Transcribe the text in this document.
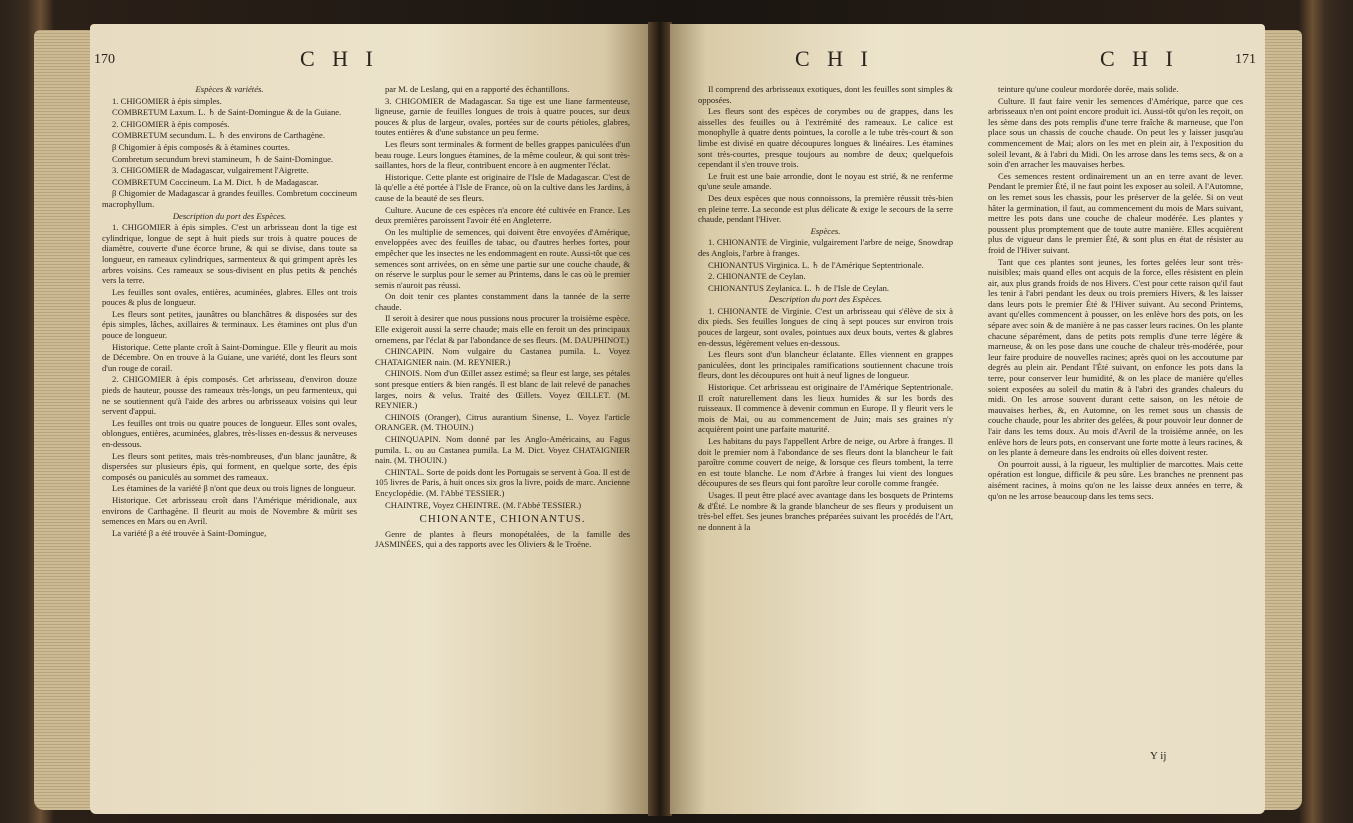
170	C H I

Espèces & variétés.

1. CHIGOMIER à épis simples.

COMBRETUM Laxum. L. ♄ de Saint-Domingue & de la Guiane.

2. CHIGOMIER à épis composés.

COMBRETUM secundum. L. ♄ des environs de Carthagène.

β Chigomier à épis composés & à étamines courtes.

Combretum secundum brevi stamineum, ♄ de Saint-Domingue.

3. CHIGOMIER de Madagascar, vulgairement l'Aigrette.

COMBRETUM Coccineum. La M. Dict. ♄ de Madagascar.

β Chigomier de Madagascar à grandes feuilles. Combretum coccineum macrophyllum.

Description du port des Espèces.

1. CHIGOMIER à épis simples. C'est un arbrisseau dont la tige est cylindrique, longue de sept à huit pieds sur trois à quatre pouces de diamètre, couverte d'une écorce brune, & qui se divise, dans toute sa longueur, en rameaux cylindriques, sarmenteux & qui grimpent après les arbres voisins. Ces rameaux se sous-divisent en plus petits & penchés vers la terre.

Les feuilles sont ovales, entières, acuminées, glabres. Elles ont trois pouces & plus de longueur.

Les fleurs sont petites, jaunâtres ou blanchâtres & disposées sur des épis simples, lâches, axillaires & terminaux. Les étamines ont plus d'un pouce de longueur.

Historique. Cette plante croît à Saint-Domingue. Elle y fleurit au mois de Décembre. On en trouve à la Guiane, une variété, dont les fleurs sont d'un rouge de corail.

2. CHIGOMIER à épis composés. Cet arbrisseau, d'environ douze pieds de hauteur, pousse des rameaux très-longs, un peu farmenteux, qui ne se soutiennent qu'à l'aide des arbres ou arbrisseaux voisins qui leur servent d'appui.

Les feuilles ont trois ou quatre pouces de longueur. Elles sont ovales, oblongues, entières, acuminées, glabres, très-lisses en-dessus & nerveuses en-dessous.

Les fleurs sont petites, mais très-nombreuses, d'un blanc jaunâtre, & dispersées sur plusieurs épis, qui forment, en quelque sorte, des épis composés ou paniculés au sommet des rameaux.

Les étamines de la variété β n'ont que deux ou trois lignes de longueur.

Historique. Cet arbrisseau croît dans l'Amérique méridionale, aux environs de Carthagène. Il fleurit au mois de Novembre & mûrit ses semences en Mars ou en Avril.

La variété β a été trouvée à Saint-Domingue,

par M. de Leslang, qui en a rapporté des échantillons.

3. CHIGOMIER de Madagascar. Sa tige est une liane farmenteuse, ligneuse, garnie de feuilles longues de trois à quatre pouces, sur deux pouces & plus de largeur, ovales, portées sur de courts pétioles, glabres, toutes entières & d'une substance un peu ferme.

Les fleurs sont terminales & forment de belles grappes paniculées d'un beau rouge. Leurs longues étamines, de la même couleur, & qui sont très-saillantes, hors de la fleur, contribuent encore à en augmenter l'éclat.

Historique. Cette plante est originaire de l'Isle de Madagascar. C'est de là qu'elle a été portée à l'Isle de France, où on la cultive dans les Jardins, à cause de la beauté de ses fleurs.

Culture. Aucune de ces espèces n'a encore été cultivée en France. Les deux premières paroissent l'avoir été en Angleterre.

On les multiplie de semences, qui doivent être envoyées d'Amérique, enveloppées avec des feuilles de tabac, ou d'autres herbes fortes, pour empêcher que les insectes ne les endommagent en route. Aussi-tôt que ces semences sont arrivées, on en sème une partie sur une couche chaude, & on réserve le surplus pour le semer au Printems, dans le cas où le premier semis n'auroit pas réussi.

On doit tenir ces plantes constamment dans la tannée de la serre chaude.

Il seroit à desirer que nous pussions nous procurer la troisième espèce. Elle exigeroit aussi la serre chaude; mais elle en feroit un des principaux ornemens, par l'éclat & par l'abondance de ses fleurs. (M. DAUPHINOT.)

CHINCAPIN. Nom vulgaire du Castanea pumila. L. Voyez CHATAIGNIER nain. (M. REYNIER.)

CHINOIS. Nom d'un Œillet assez estimé; sa fleur est large, ses pétales sont presque entiers & bien rangés. Il est blanc de lait relevé de panaches larges, noirs & velus. Traité des Œillets. Voyez ŒILLET. (M. REYNIER.)

CHINOIS (Oranger), Citrus aurantium Sinense, L. Voyez l'article ORANGER. (M. THOUIN.)

CHINQUAPIN. Nom donné par les Anglo-Américains, au Fagus pumila. L. ou au Castanea pumila. La M. Dict. Voyez CHATAIGNIER nain. (M. THOUIN.)

CHINTAL. Sorte de poids dont les Portugais se servent à Goa. Il est de 105 livres de Paris, à huit onces six gros la livre, poids de marc. Ancienne Encyclopédie. (M. l'Abbé TESSIER.)

CHAINTRE, Voyez CHEINTRE. (M. l'Abbé TESSIER.)

CHIONANTE, CHIONANTUS.

Genre de plantes à fleurs monopétalées, de la famille des JASMINÉES, qui a des rapports avec les Oliviers & le Troëne.

C H I	C H I	171

Il comprend des arbrisseaux exotiques, dont les feuilles sont simples & opposées.

Les fleurs sont des espèces de corymbes ou de grappes, dans les aisselles des feuilles ou à l'extrémité des rameaux. Le calice est monophylle à quatre dents pointues, la corolle a le tube très-court & son limbe est divisé en quatre découpures longues & linéaires. Les étamines sont très-courtes, presque toujours au nombre de deux; quelquefois cependant il s'en trouve trois.

Le fruit est une baie arrondie, dont le noyau est strié, & ne renferme qu'une seule amande.

Des deux espèces que nous connoissons, la première réussit très-bien en pleine terre. La seconde est plus délicate & exige le secours de la serre chaude, pendant l'Hiver.

Espèces.

1. CHIONANTE de Virginie, vulgairement l'arbre de neige, Snowdrap des Anglois, l'arbre à franges.

CHIONANTUS Virginica. L. ♄ de l'Amérique Septentrionale.

2. CHIONANTE de Ceylan.

CHIONANTUS Zeylanica. L. ♄ de l'Isle de Ceylan.

Description du port des Espèces.

1. CHIONANTE de Virginie. C'est un arbrisseau qui s'élève de six à dix pieds. Ses feuilles longues de cinq à sept pouces sur environ trois pouces de largeur, sont ovales, pointues aux deux bouts, vertes & glabres en-dessus, légèrement velues en-dessous.

Les fleurs sont d'un blancheur éclatante. Elles viennent en grappes paniculées, dont les principales ramifications soutiennent chacune trois fleurs, dont les découpures ont huit à neuf lignes de longueur.

Historique. Cet arbrisseau est originaire de l'Amérique Septentrionale. Il croît naturellement dans les lieux humides & sur les bords des ruisseaux. Il commence à devenir commun en Europe. Il y fleurit vers le mois de Mai, ou au commencement de Juin; mais ses graines n'y acquièrent point une parfaite maturité.

Les habitans du pays l'appellent Arbre de neige, ou Arbre à franges. Il doit le premier nom à l'abondance de ses fleurs dont la blancheur le fait paroître comme couvert de neige, & lorsque ces fleurs tombent, la terre en est toute blanche. Le nom d'Arbre à franges lui vient des longues découpures de ses fleurs qui font paroître leur corolle comme frangée.

Usages. Il peut être placé avec avantage dans les bosquets de Printems & d'Été. Le nombre & la grande blancheur de ses fleurs y produisent un très-bel effet. Ses jeunes branches préparées suivant les procédés de l'Art, ne donnent à la

teinture qu'une couleur mordorée dorée, mais solide.

Culture. Il faut faire venir les semences d'Amérique, parce que ces arbrisseaux n'en ont point encore produit ici. Aussi-tôt qu'on les reçoit, on les sème dans des pots remplis d'une terre fraîche & marneuse, que l'on place sous un chassis de couche chaude. On peut les y laisser jusqu'au commencement de Mai; alors on les met en plein air, à l'exposition du soleil levant, & à l'abri du Midi. On les arrose dans les tems secs, & on a soin d'en arracher les mauvaises herbes.

Ces semences restent ordinairement un an en terre avant de lever. Pendant le premier Été, il ne faut point les exposer au soleil. A l'Automne, on les remet sous les chassis, pour les préserver de la gelée. Si on veut hâter la germination, il faut, au commencement du mois de Mars suivant, mettre les pots dans une couche de chaleur modérée. Les plantes y poussent plus promptement que de toute autre manière. Elles acquièrent plus de vigueur dans le premier Été, & sont plus en état de résister au froid de l'Hiver suivant.

Tant que ces plantes sont jeunes, les fortes gelées leur sont très-nuisibles; mais quand elles ont acquis de la force, elles résistent en plein air, aux plus grands froids de nos Hivers. C'est pour cette raison qu'il faut les tenir à l'abri pendant les deux ou trois premiers Hivers, & les laisser dans leurs pots le premier Été & l'Hiver suivant. Au second Printems, avant qu'elles commencent à pousser, on les enlève hors des pots, on les sépare avec soin & de manière à ne pas casser leurs racines. On les plante chacune séparément, dans de petits pots remplis d'une terre légère & marneuse, & on les pose dans une couche de chaleur très-modérée, pour leur faire produire de nouvelles racines; après quoi on les accoutume par degrés au plein air. Pendant l'Été suivant, on enfonce les pots dans la terre, pour conserver leur humidité, & on les place de manière qu'elles soient exposées au soleil du matin & à l'abri des grandes chaleurs du midi. On les arrose souvent durant cette saison, on les nétoie de mauvaises herbes, &, en Automne, on les remet sous un chassis de couche chaude, pour les abriter des gelées, & pour pouvoir leur donner de l'air dans les tems doux. Au mois d'Avril de la troisième année, on les enlève hors de leurs pots, en conservant une forte motte à leurs racines, & on les plante à demeure dans les endroits où elles doivent rester.

On pourroit aussi, à la rigueur, les multiplier de marcottes. Mais cette opération est longue, difficile & peu sûre. Les branches ne prennent pas aisément racines, à moins qu'on ne les laisse deux années en terre, & qu'on ne les arrose beaucoup dans les tems secs.

Y ij
